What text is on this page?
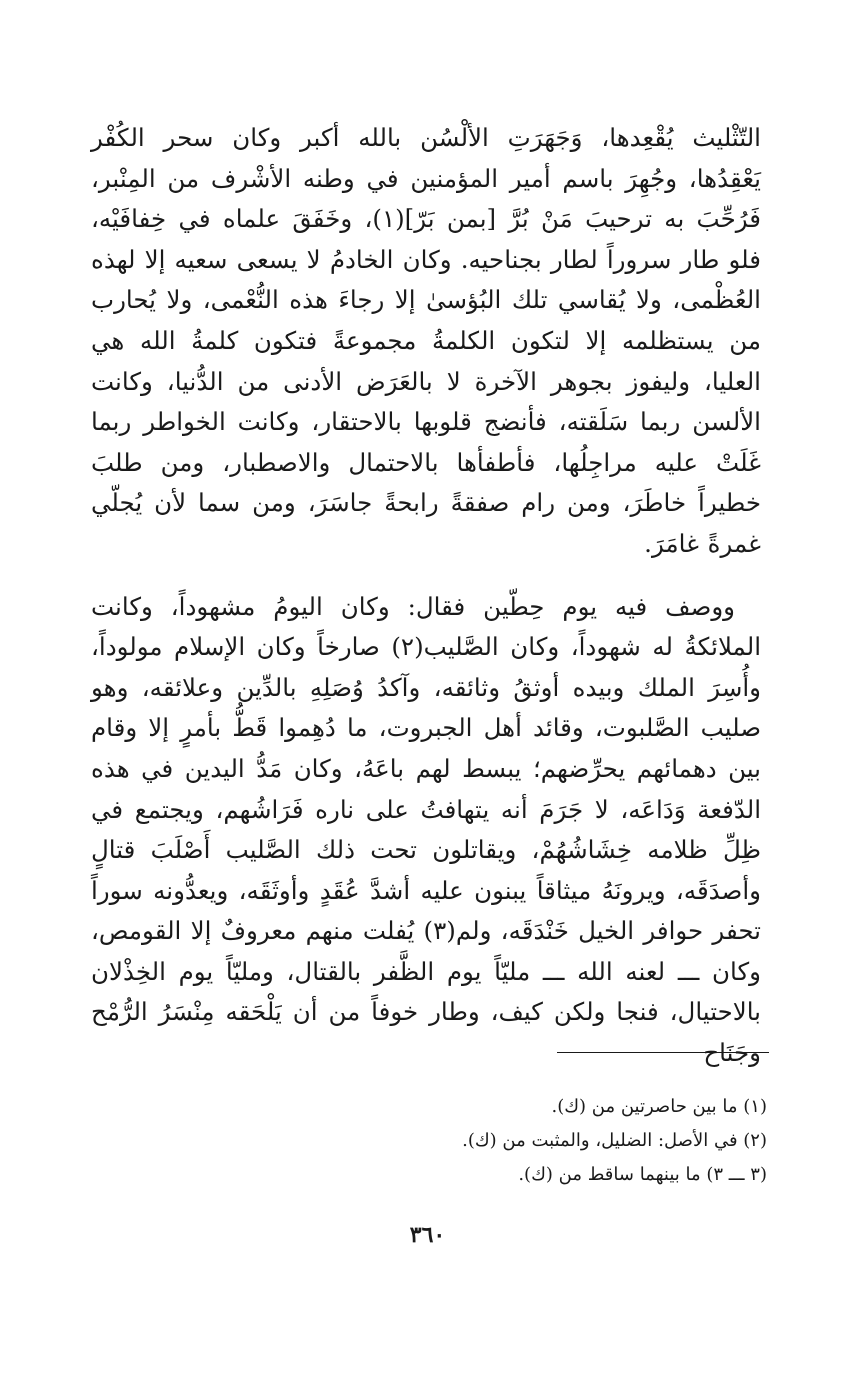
التّثْليث يُقْعِدها، وَجَهَرَتِ الألْسُن بالله أكبر وكان سحر الكُفْر يَعْقِدُها، وجُهِرَ باسم أمير المؤمنين في وطنه الأشْرف من المِنْبر، فَرُحِّبَ به ترحيبَ مَنْ بُرَّ [بمن بَرّ](١)، وخَفَقَ علماه في خِفافَيْه، فلو طار سروراً لطار بجناحيه. وكان الخادمُ لا يسعى سعيه إلا لهذه العُظْمى، ولا يُقاسي تلك البُؤسىٰ إلا رجاءَ هذه النُّعْمى، ولا يُحارب من يستظلمه إلا لتكون الكلمةُ مجموعةً فتكون كلمةُ الله هي العليا، وليفوز بجوهر الآخرة لا بالعَرَض الأدنى من الدُّنيا، وكانت الألسن ربما سَلَقته، فأنضج قلوبها بالاحتقار، وكانت الخواطر ربما غَلَتْ عليه مراجِلُها، فأطفأها بالاحتمال والاصطبار، ومن طلبَ خطيراً خاطَرَ، ومن رام صفقةً رابحةً جاسَرَ، ومن سما لأن يُجلّي غمرةً غامَرَ.

ووصف فيه يوم حِطّين فقال: وكان اليومُ مشهوداً، وكانت الملائكةُ له شهوداً، وكان الصَّليب(٢) صارخاً وكان الإسلام مولوداً، وأُسِرَ الملك وبيده أوثقُ وثائقه، وآكدُ وُصَلِهِ بالدِّين وعلائقه، وهو صليب الصَّلبوت، وقائد أهل الجبروت، ما دُهِموا قَطُّ بأمرٍ إلا وقام بين دهمائهم يحرِّضهم؛ يبسط لهم باعَهُ، وكان مَدُّ اليدين في هذه الدّفعة وَدَاعَه، لا جَرَمَ أنه يتهافتُ على ناره فَرَاشُهم، ويجتمع في ظِلِّ ظلامه خِشَاشُهُمْ، ويقاتلون تحت ذلك الصَّليب أَصْلَبَ قتالٍ وأصدَقَه، ويرونَهُ ميثاقاً يبنون عليه أشدَّ عُقَدٍ وأوثَقَه، ويعدُّونه سوراً تحفر حوافر الخيل خَنْدَقَه، ولم(٣) يُفلت منهم معروفٌ إلا القومص، وكان ـــ لعنه الله ـــ مليّاً يوم الظَّفر بالقتال، ومليّاً يوم الخِذْلان بالاحتيال، فنجا ولكن كيف، وطار خوفاً من أن يَلْحَقه مِنْسَرُ الرُّمْح وجَنَاح

(١) ما بين حاصرتين من (ك).

(٢) في الأصل: الضليل، والمثبت من (ك).

(٣ ـــ ٣) ما بينهما ساقط من (ك).

٣٦٠
